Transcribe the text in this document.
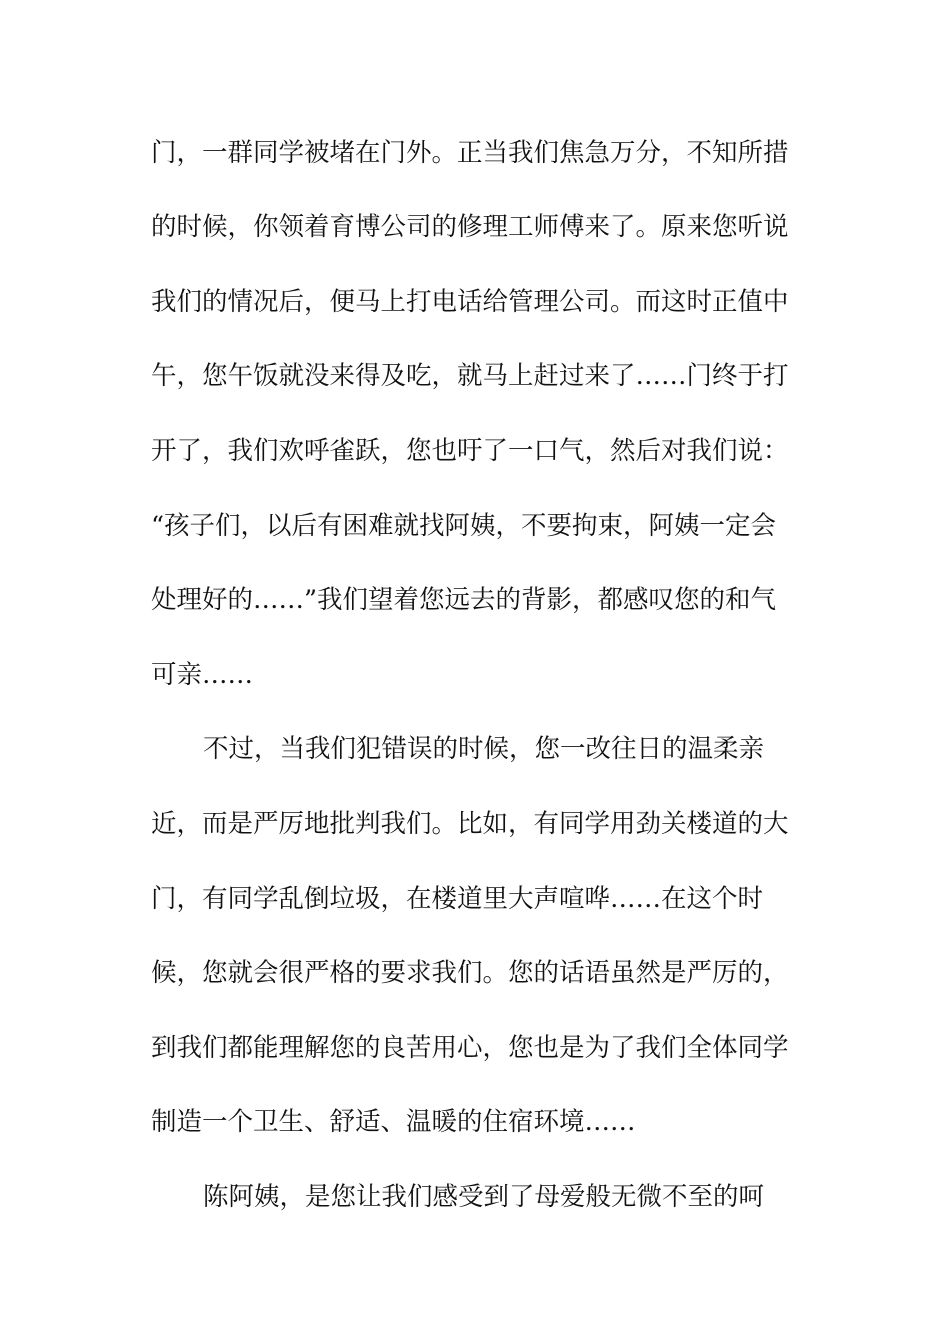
门，一群同学被堵在门外。正当我们焦急万分，不知所措
的时候，你领着育博公司的修理工师傅来了。原来您听说
我们的情况后，便马上打电话给管理公司。而这时正值中
午，您午饭就没来得及吃，就马上赶过来了……门终于打
开了，我们欢呼雀跃，您也吁了一口气，然后对我们说：
“孩子们，以后有困难就找阿姨，不要拘束，阿姨一定会
处理好的……”我们望着您远去的背影，都感叹您的和气
可亲……
不过，当我们犯错误的时候，您一改往日的温柔亲
近，而是严厉地批判我们。比如，有同学用劲关楼道的大
门，有同学乱倒垃圾，在楼道里大声喧哗……在这个时
候，您就会很严格的要求我们。您的话语虽然是严厉的，
到我们都能理解您的良苦用心，您也是为了我们全体同学
制造一个卫生、舒适、温暖的住宿环境……
陈阿姨，是您让我们感受到了母爱般无微不至的呵
